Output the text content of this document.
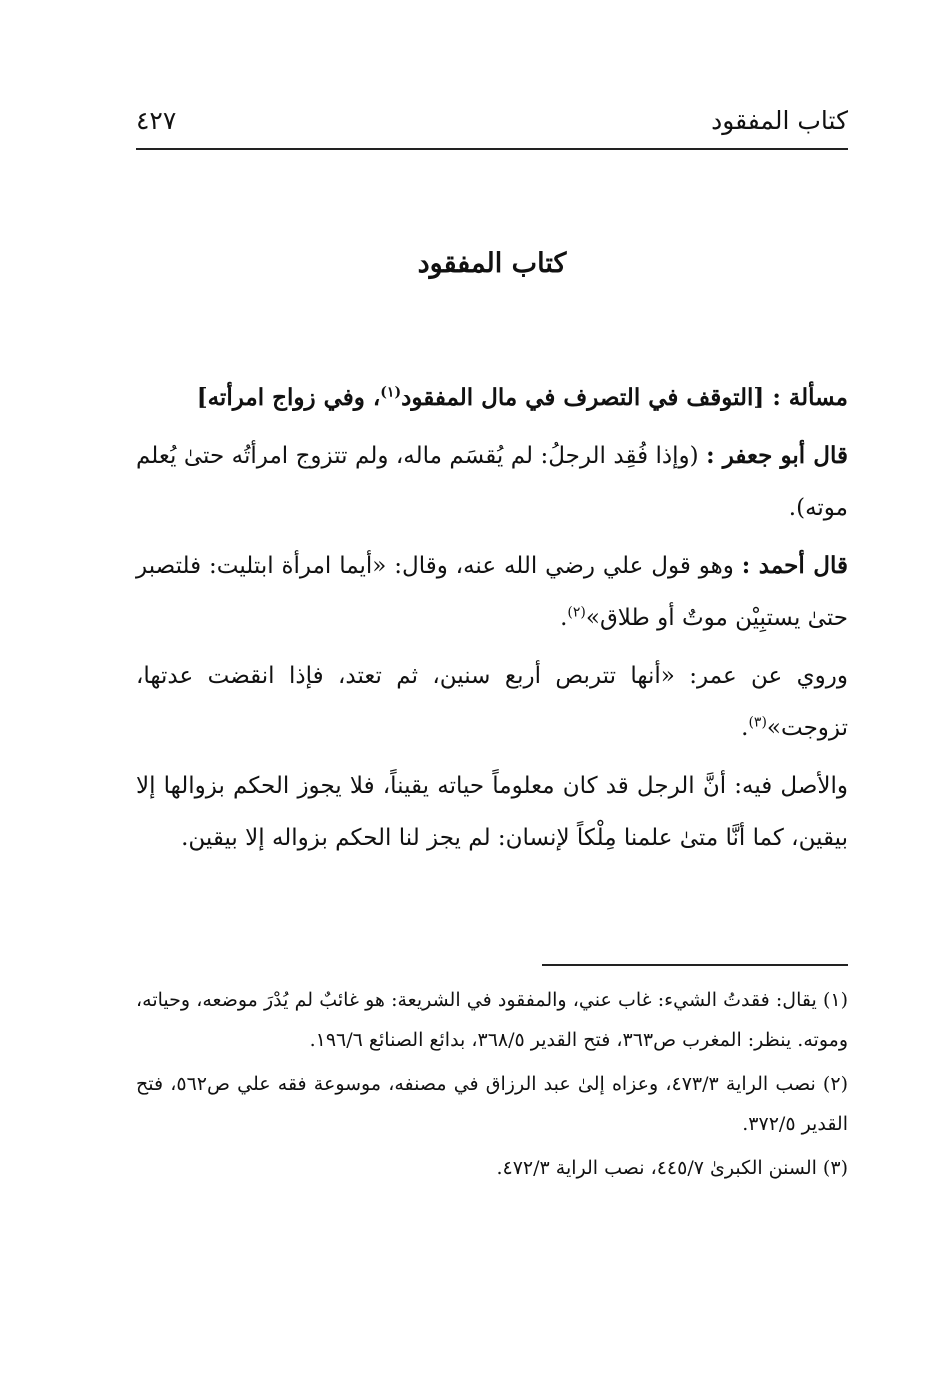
كتاب المفقود
٤٢٧
كتاب المفقود

مسألة : [التوقف في التصرف في مال المفقود$^{(١)}$، وفي زواج امرأته]

قال أبو جعفر : (وإذا فُقِد الرجلُ: لم يُقسَم ماله، ولم تتزوج امرأتُه حتىٰ يُعلم موته).

قال أحمد : وهو قول علي رضي الله عنه، وقال: «أيما امرأة ابتليت: فلتصبر حتىٰ يستبِيْن موتٌ أو طلاق»$^{(٢)}$.

وروي عن عمر: «أنها تتربص أربع سنين، ثم تعتد، فإذا انقضت عدتها، تزوجت»$^{(٣)}$.

والأصل فيه: أنَّ الرجل قد كان معلوماً حياته يقيناً، فلا يجوز الحكم بزوالها إلا بيقين، كما أنَّا متىٰ علمنا مِلْكاً لإنسان: لم يجز لنا الحكم بزواله إلا بيقين.

(١) يقال: فقدتُ الشيء: غاب عني، والمفقود في الشريعة: هو غائبٌ لم يُدْرَ موضعه، وحياته، وموته. ينظر: المغرب ص٣٦٣، فتح القدير ٣٦٨/٥، بدائع الصنائع ١٩٦/٦.

(٢) نصب الراية ٤٧٣/٣، وعزاه إلىٰ عبد الرزاق في مصنفه، موسوعة فقه علي ص٥٦٢، فتح القدير ٣٧٢/٥.

(٣) السنن الكبرىٰ ٤٤٥/٧، نصب الراية ٤٧٢/٣.
